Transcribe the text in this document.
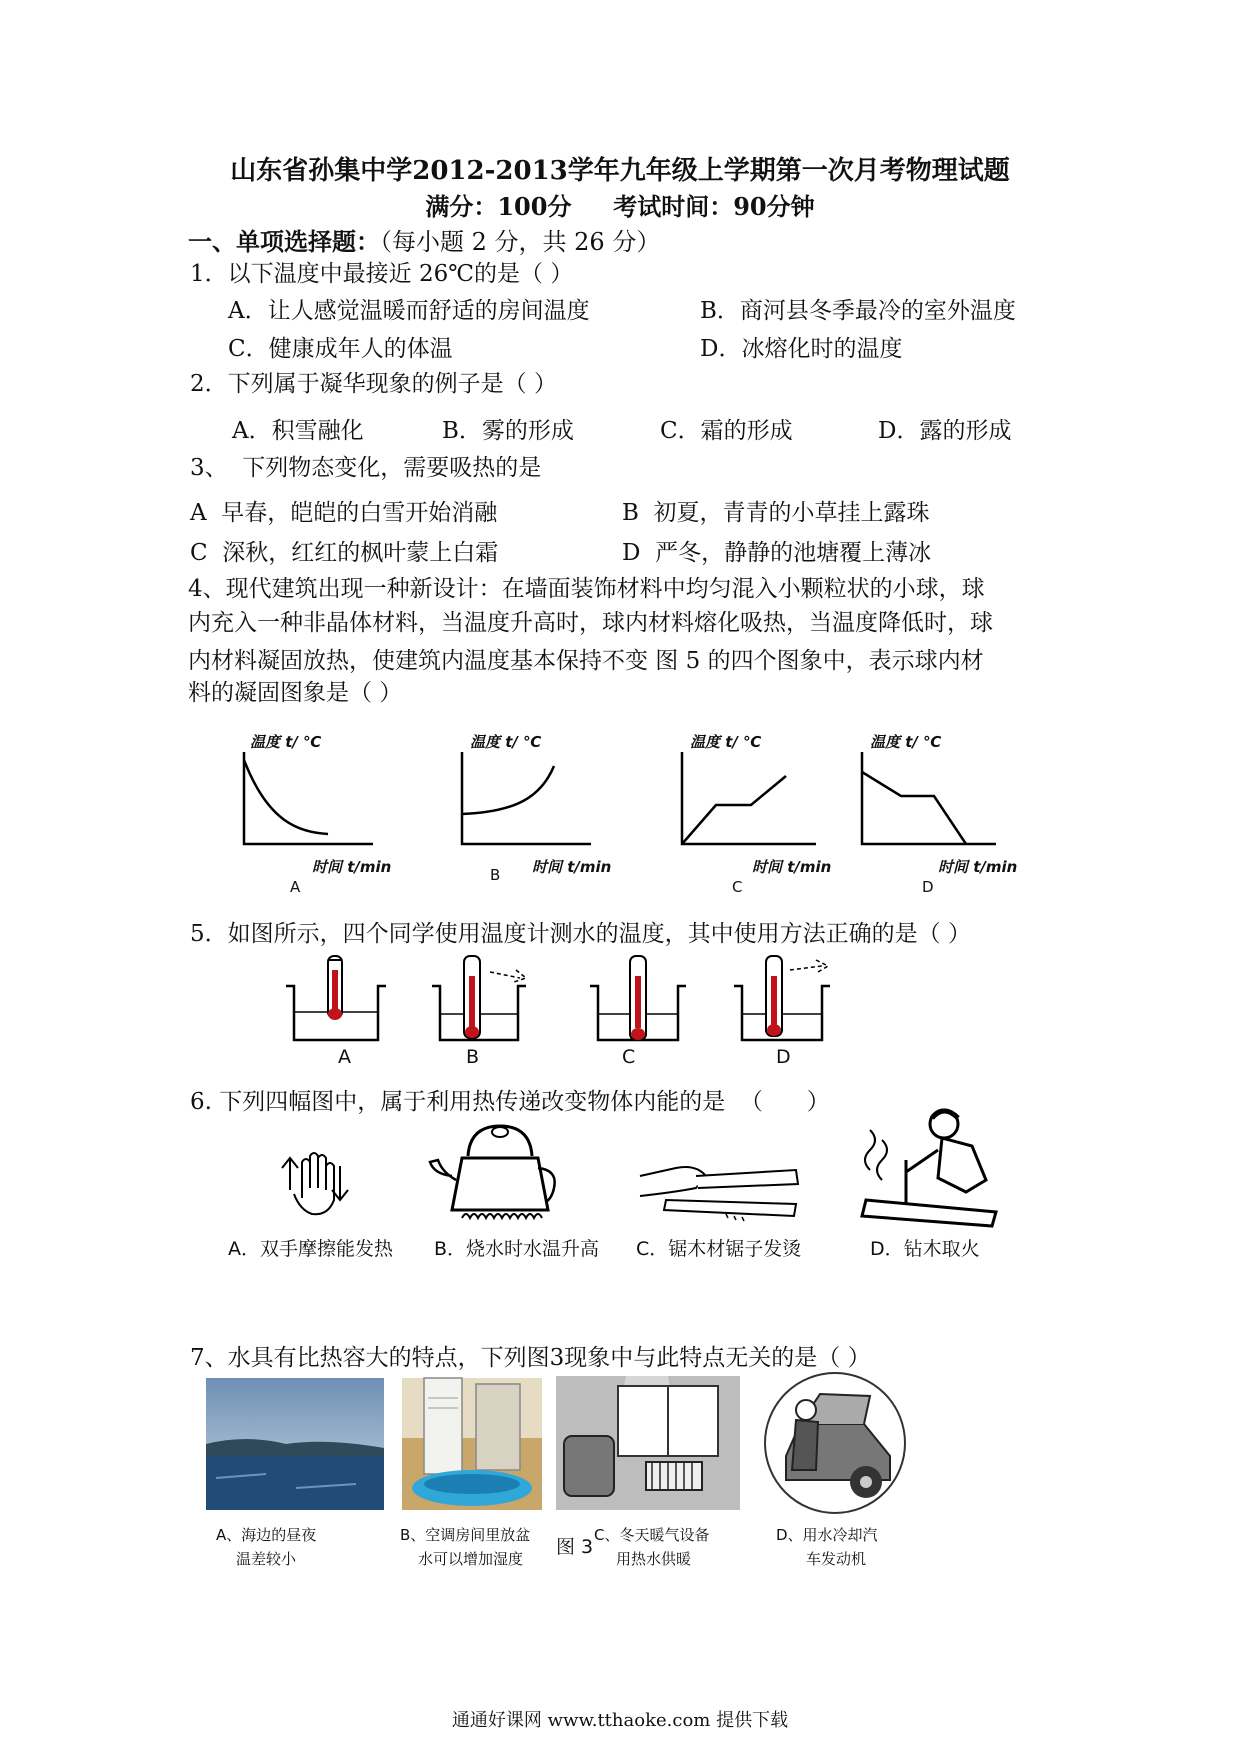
山东省孙集中学2012-2013学年九年级上学期第一次月考物理试题
满分：100分     考试时间：90分钟
一、单项选择题：（每小题 2 分，共 26 分）
1．以下温度中最接近 26℃的是（ ）
A．让人感觉温暖而舒适的房间温度	B．商河县冬季最冷的室外温度
C．健康成年人的体温	D．冰熔化时的温度
2．下列属于凝华现象的例子是（ ）
A．积雪融化	B．雾的形成	C．霜的形成	D．露的形成
3、  下列物态变化，需要吸热的是
A  早春，皑皑的白雪开始消融	B  初夏，青青的小草挂上露珠
C  深秋，红红的枫叶蒙上白霜	D  严冬，静静的池塘覆上薄冰
4、现代建筑出现一种新设计：在墙面装饰材料中均匀混入小颗粒状的小球，球
内充入一种非晶体材料，当温度升高时，球内材料熔化吸热，当温度降低时，球
内材料凝固放热，使建筑内温度基本保持不变 图 5 的四个图象中，表示球内材
料的凝固图象是（ ）
温度 t/ ℃
时间 t/min
A
温度 t/ ℃
时间 t/min
B
温度 t/ ℃
时间 t/min
C
温度 t/ ℃
时间 t/min
D
5．如图所示，四个同学使用温度计测水的温度，其中使用方法正确的是（ ）
A	B	C	D
6. 下列四幅图中，属于利用热传递改变物体内能的是  （      ）
A．双手摩擦能发热 B．烧水时水温升高 C．锯木材锯子发烫	D．钻木取火
7、水具有比热容大的特点，下列图3现象中与此特点无关的是（ ）
A、海边的昼夜
温差较小
B、空调房间里放盆
水可以增加湿度
C、冬天暖气设备
用热水供暖
图 3
D、用水冷却汽
车发动机
通通好课网 www.tthaoke.com 提供下载
